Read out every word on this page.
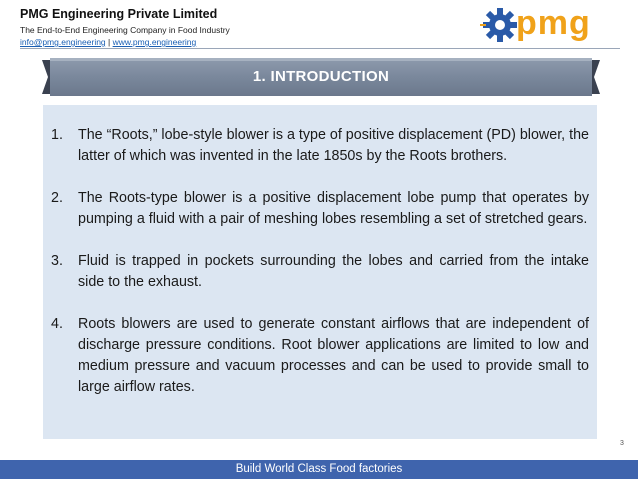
PMG Engineering Private Limited
The End-to-End Engineering Company in Food Industry
info@pmg.engineering | www.pmg.engineering	pmg
1. INTRODUCTION
1. The “Roots,” lobe-style blower is a type of positive displacement (PD) blower, the latter of which was invented in the late 1850s by the Roots brothers.
2. The Roots-type blower is a positive displacement lobe pump that operates by pumping a fluid with a pair of meshing lobes resembling a set of stretched gears.
3. Fluid is trapped in pockets surrounding the lobes and carried from the intake side to the exhaust.
4. Roots blowers are used to generate constant airflows that are independent of discharge pressure conditions. Root blower applications are limited to low and medium pressure and vacuum processes and can be used to provide small to large airflow rates.
3
Build World Class Food factories
